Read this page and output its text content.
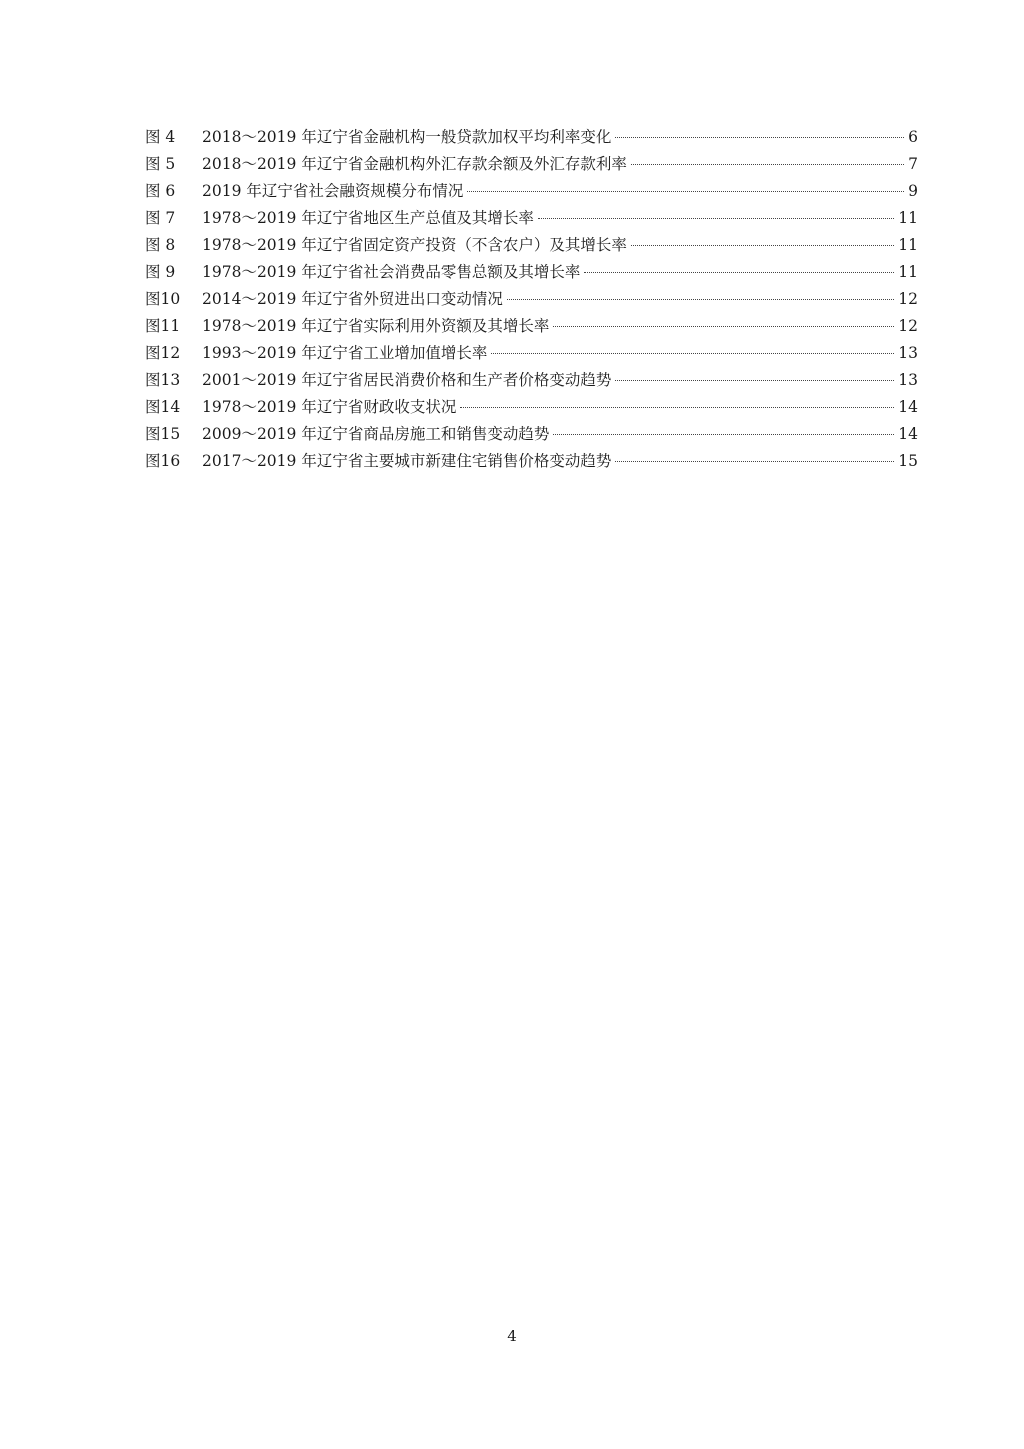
图 4	2018～2019 年辽宁省金融机构一般贷款加权平均利率变化	6
图 5	2018～2019 年辽宁省金融机构外汇存款余额及外汇存款利率	7
图 6	2019 年辽宁省社会融资规模分布情况	9
图 7	1978～2019 年辽宁省地区生产总值及其增长率	11
图 8	1978～2019 年辽宁省固定资产投资（不含农户）及其增长率	11
图 9	1978～2019 年辽宁省社会消费品零售总额及其增长率	11
图10	2014～2019 年辽宁省外贸进出口变动情况	12
图11	1978～2019 年辽宁省实际利用外资额及其增长率	12
图12	1993～2019 年辽宁省工业增加值增长率	13
图13	2001～2019 年辽宁省居民消费价格和生产者价格变动趋势	13
图14	1978～2019 年辽宁省财政收支状况	14
图15	2009～2019 年辽宁省商品房施工和销售变动趋势	14
图16	2017～2019 年辽宁省主要城市新建住宅销售价格变动趋势	15
4
